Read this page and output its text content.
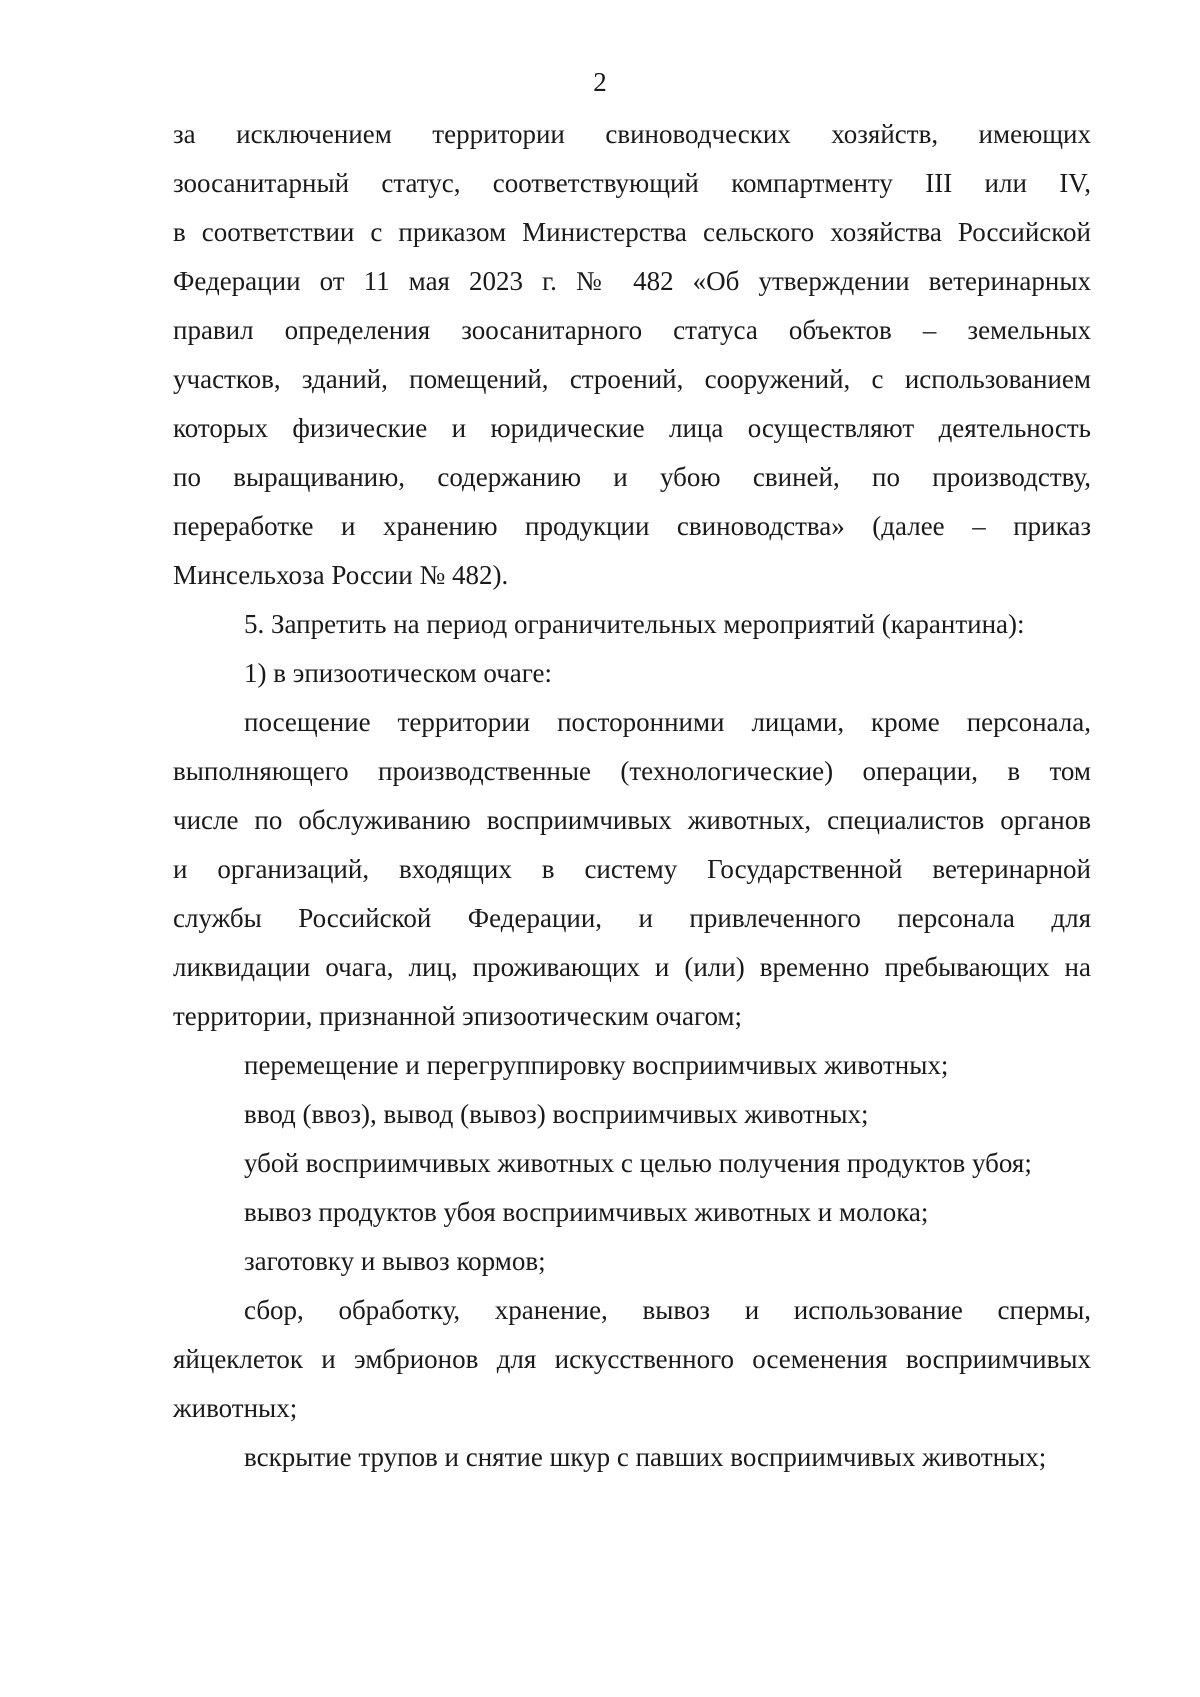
2

за исключением территории свиноводческих хозяйств, имеющих

зоосанитарный статус, соответствующий компартменту III или IV,

в соответствии с приказом Министерства сельского хозяйства Российской

Федерации от 11 мая 2023 г. № 482 «Об утверждении ветеринарных

правил определения зоосанитарного статуса объектов – земельных

участков, зданий, помещений, строений, сооружений, с использованием

которых физические и юридические лица осуществляют деятельность

по выращиванию, содержанию и убою свиней, по производству,

переработке и хранению продукции свиноводства» (далее – приказ

Минсельхоза России № 482).

5. Запретить на период ограничительных мероприятий (карантина):

1) в эпизоотическом очаге:

посещение территории посторонними лицами, кроме персонала,

выполняющего производственные (технологические) операции, в том

числе по обслуживанию восприимчивых животных, специалистов органов

и организаций, входящих в систему Государственной ветеринарной

службы Российской Федерации, и привлеченного персонала для

ликвидации очага, лиц, проживающих и (или) временно пребывающих на

территории, признанной эпизоотическим очагом;

перемещение и перегруппировку восприимчивых животных;

ввод (ввоз), вывод (вывоз) восприимчивых животных;

убой восприимчивых животных с целью получения продуктов убоя;

вывоз продуктов убоя восприимчивых животных и молока;

заготовку и вывоз кормов;

сбор, обработку, хранение, вывоз и использование спермы,

яйцеклеток и эмбрионов для искусственного осеменения восприимчивых

животных;

вскрытие трупов и снятие шкур с павших восприимчивых животных;
